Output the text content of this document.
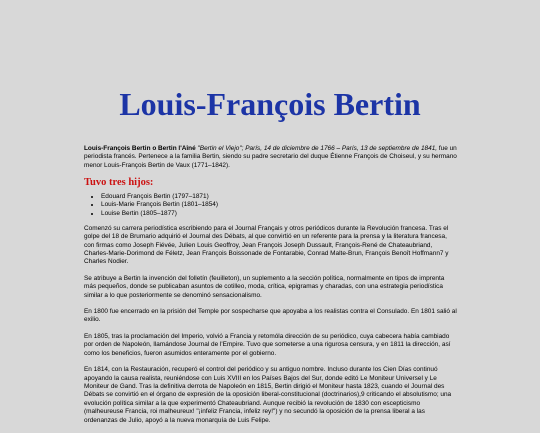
Louis-François Bertin

Louis-François Bertin o Bertin l'Aîné "Bertin el Viejo"; París, 14 de diciembre de 1766 – París, 13 de septiembre de 1841, fue un periodista francés. Pertenece a la familia Bertin, siendo su padre secretario del duque Étienne François de Choiseul, y su hermano menor Louis-François Bertin de Vaux (1771–1842).

Tuvo tres hijos:
• Edouard François Bertin (1797–1871)
• Louis-Marie François Bertin (1801–1854)
• Louise Bertin (1805–1877)

Comenzó su carrera periodística escribiendo para el Journal Français y otros periódicos durante la Revolución francesa. Tras el golpe del 18 de Brumario adquirió el Journal des Débats, al que convirtió en un referente para la prensa y la literatura francesa, con firmas como Joseph Fiévée, Julien Louis Geoffroy, Jean François Joseph Dussault, François-René de Chateaubriand, Charles-Marie-Dorimond de Féletz, Jean François Boissonade de Fontarabie, Conrad Malte-Brun, François Benoît Hoffmann7 y Charles Nodier.

Se atribuye a Bertin la invención del folletín (feuilleton), un suplemento a la sección política, normalmente en tipos de imprenta más pequeños, donde se publicaban asuntos de cotilleo, moda, crítica, epigramas y charadas, con una estrategia periodística similar a lo que posteriormente se denominó sensacionalismo.

En 1800 fue encerrado en la prisión del Temple por sospecharse que apoyaba a los realistas contra el Consulado. En 1801 salió al exilio.

En 1805, tras la proclamación del Imperio, volvió a Francia y retomóla dirección de su periódico, cuya cabecera había cambiado por orden de Napoleón, llamándose Journal de l'Empire. Tuvo que someterse a una rigurosa censura, y en 1811 la dirección, así como los beneficios, fueron asumidos enteramente por el gobierno.

En 1814, con la Restauración, recuperó el control del periódico y su antiguo nombre. Incluso durante los Cien Días continuó apoyando la causa realista, reuniéndose con Luis XVIII en los Países Bajos del Sur, donde editó Le Moniteur Universel y Le Moniteur de Gand. Tras la definitiva derrota de Napoleón en 1815, Bertin dirigió el Moniteur hasta 1823, cuando el Journal des Débats se convirtió en el órgano de expresión de la oposición liberal-constitucional (doctrinarios),9 criticando el absolutismo; una evolución política similar a la que experimentó Chateaubriand. Aunque recibió la revolución de 1830 con escepticismo (malheureuse Francia, roi malheureux! "¡infeliz Francia, infeliz rey!") y no secundó la oposición de la prensa liberal a las ordenanzas de Julio, apoyó a la nueva monarquía de Luis Felipe.
